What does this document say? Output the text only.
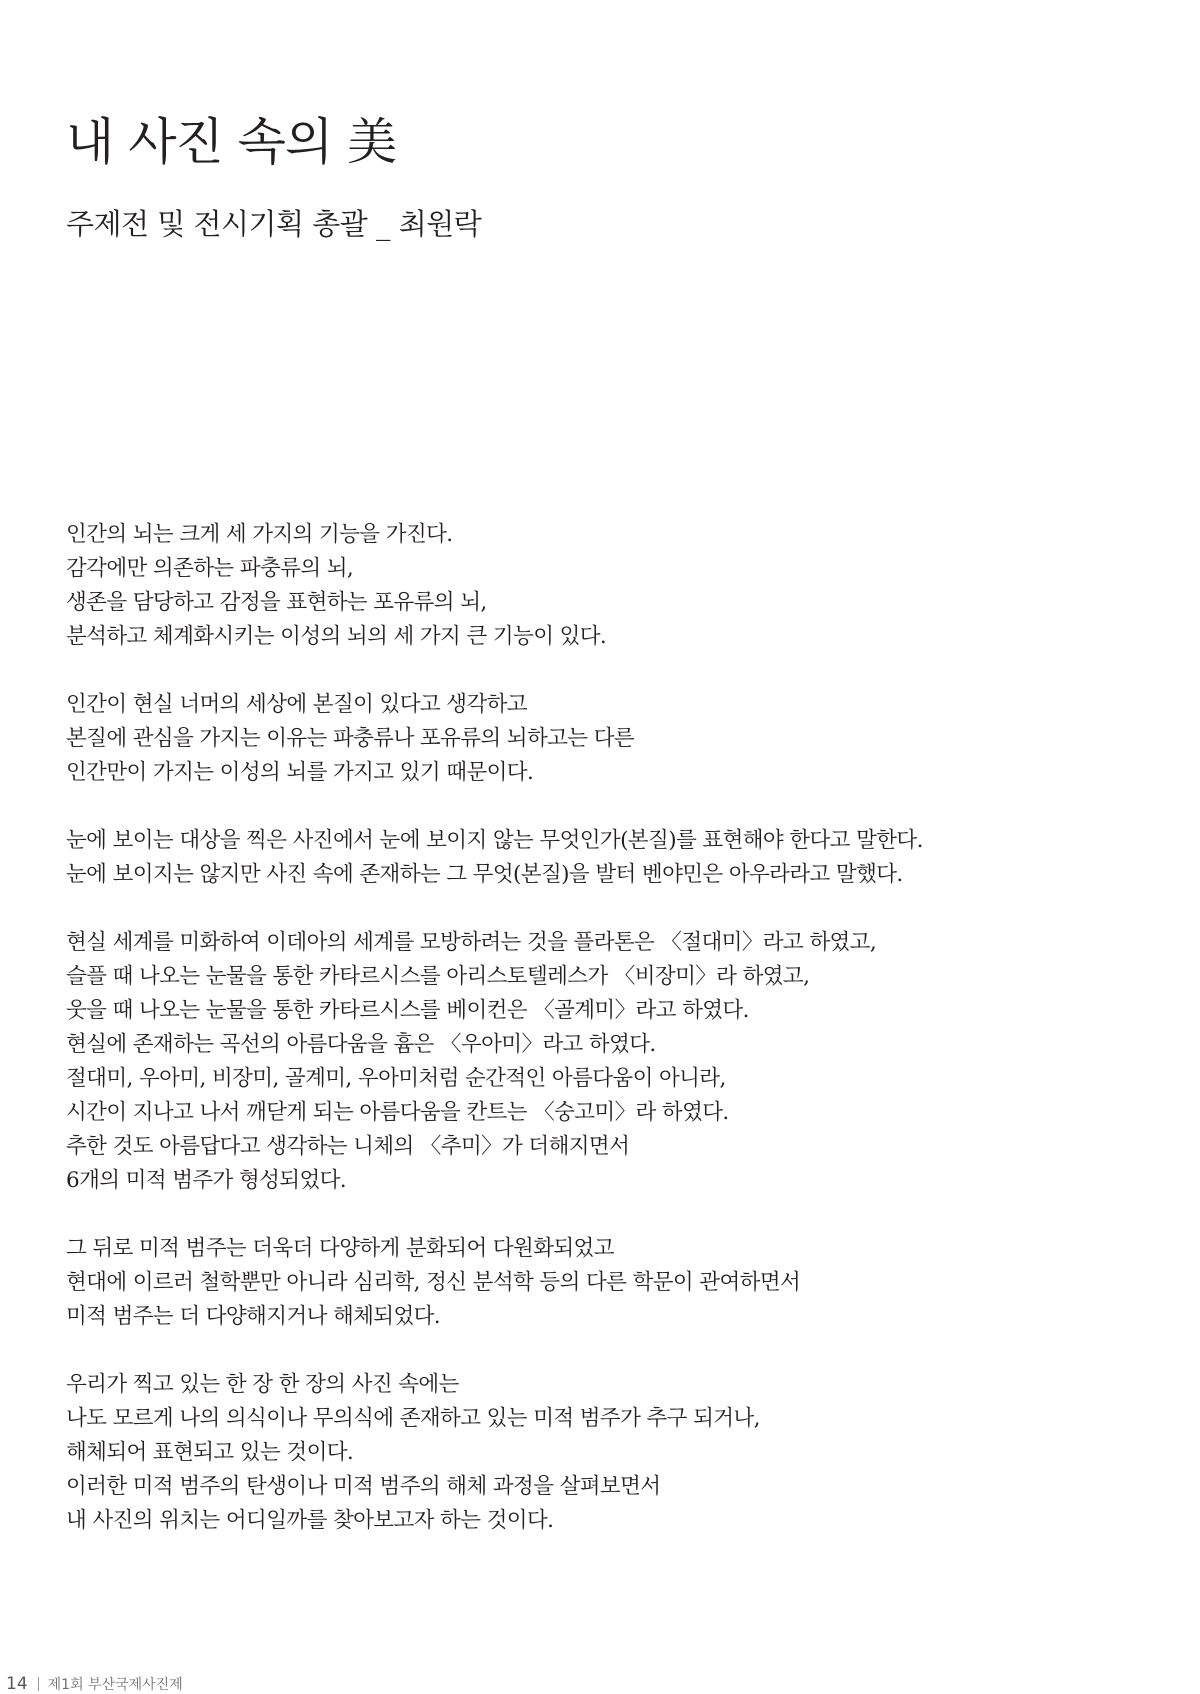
내 사진 속의 美
주제전 및 전시기획 총괄 _ 최원락

인간의 뇌는 크게 세 가지의 기능을 가진다.
감각에만 의존하는 파충류의 뇌,
생존을 담당하고 감정을 표현하는 포유류의 뇌,
분석하고 체계화시키는 이성의 뇌의 세 가지 큰 기능이 있다.

인간이 현실 너머의 세상에 본질이 있다고 생각하고
본질에 관심을 가지는 이유는 파충류나 포유류의 뇌하고는 다른
인간만이 가지는 이성의 뇌를 가지고 있기 때문이다.

눈에 보이는 대상을 찍은 사진에서 눈에 보이지 않는 무엇인가(본질)를 표현해야 한다고 말한다.
눈에 보이지는 않지만 사진 속에 존재하는 그 무엇(본질)을 발터 벤야민은 아우라라고 말했다.

현실 세계를 미화하여 이데아의 세계를 모방하려는 것을 플라톤은 〈절대미〉라고 하였고,
슬플 때 나오는 눈물을 통한 카타르시스를 아리스토텔레스가 〈비장미〉라 하였고,
웃을 때 나오는 눈물을 통한 카타르시스를 베이컨은 〈골계미〉라고 하였다.
현실에 존재하는 곡선의 아름다움을 흄은 〈우아미〉라고 하였다.
절대미, 우아미, 비장미, 골계미, 우아미처럼 순간적인 아름다움이 아니라,
시간이 지나고 나서 깨닫게 되는 아름다움을 칸트는 〈숭고미〉라 하였다.
추한 것도 아름답다고 생각하는 니체의 〈추미〉가 더해지면서
6개의 미적 범주가 형성되었다.

그 뒤로 미적 범주는 더욱더 다양하게 분화되어 다원화되었고
현대에 이르러 철학뿐만 아니라 심리학, 정신 분석학 등의 다른 학문이 관여하면서
미적 범주는 더 다양해지거나 해체되었다.

우리가 찍고 있는 한 장 한 장의 사진 속에는
나도 모르게 나의 의식이나 무의식에 존재하고 있는 미적 범주가 추구 되거나,
해체되어 표현되고 있는 것이다.
이러한 미적 범주의 탄생이나 미적 범주의 해체 과정을 살펴보면서
내 사진의 위치는 어디일까를 찾아보고자 하는 것이다.

14 제1회 부산국제사진제
